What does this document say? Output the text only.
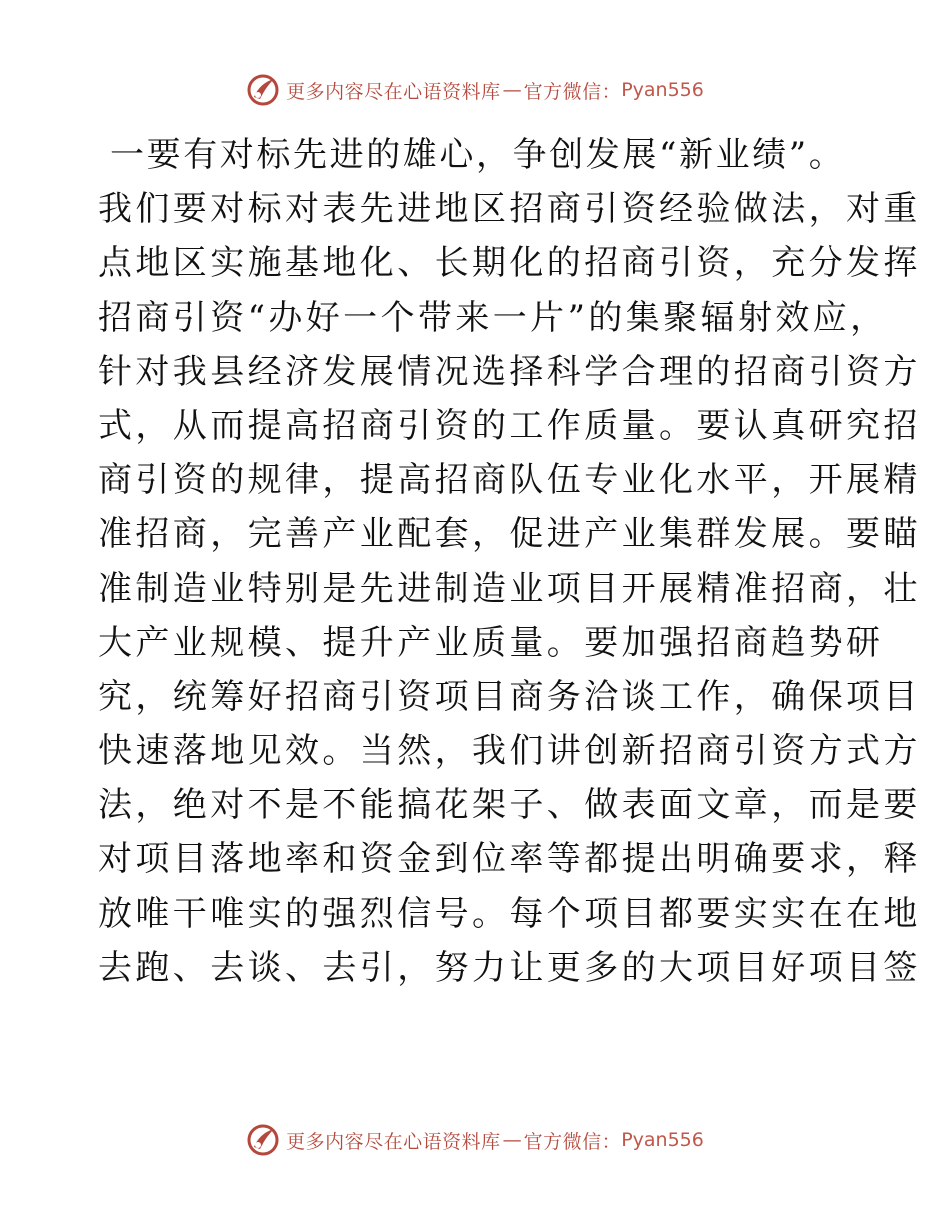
更多内容尽在心语资料库 — 官方微信： Pyan556
一要有对标先进的雄心，争创发展“新业绩”。
我们要对标对表先进地区招商引资经验做法，对重
点地区实施基地化、长期化的招商引资，充分发挥
招商引资“办好一个带来一片”的集聚辐射效应，
针对我县经济发展情况选择科学合理的招商引资方
式，从而提高招商引资的工作质量。要认真研究招
商引资的规律，提高招商队伍专业化水平，开展精
准招商，完善产业配套，促进产业集群发展。要瞄
准制造业特别是先进制造业项目开展精准招商，壮
大产业规模、提升产业质量。要加强招商趋势研
究，统筹好招商引资项目商务洽谈工作，确保项目
快速落地见效。当然，我们讲创新招商引资方式方
法，绝对不是不能搞花架子、做表面文章，而是要
对项目落地率和资金到位率等都提出明确要求，释
放唯干唯实的强烈信号。每个项目都要实实在在地
去跑、去谈、去引，努力让更多的大项目好项目签
更多内容尽在心语资料库 — 官方微信： Pyan556
